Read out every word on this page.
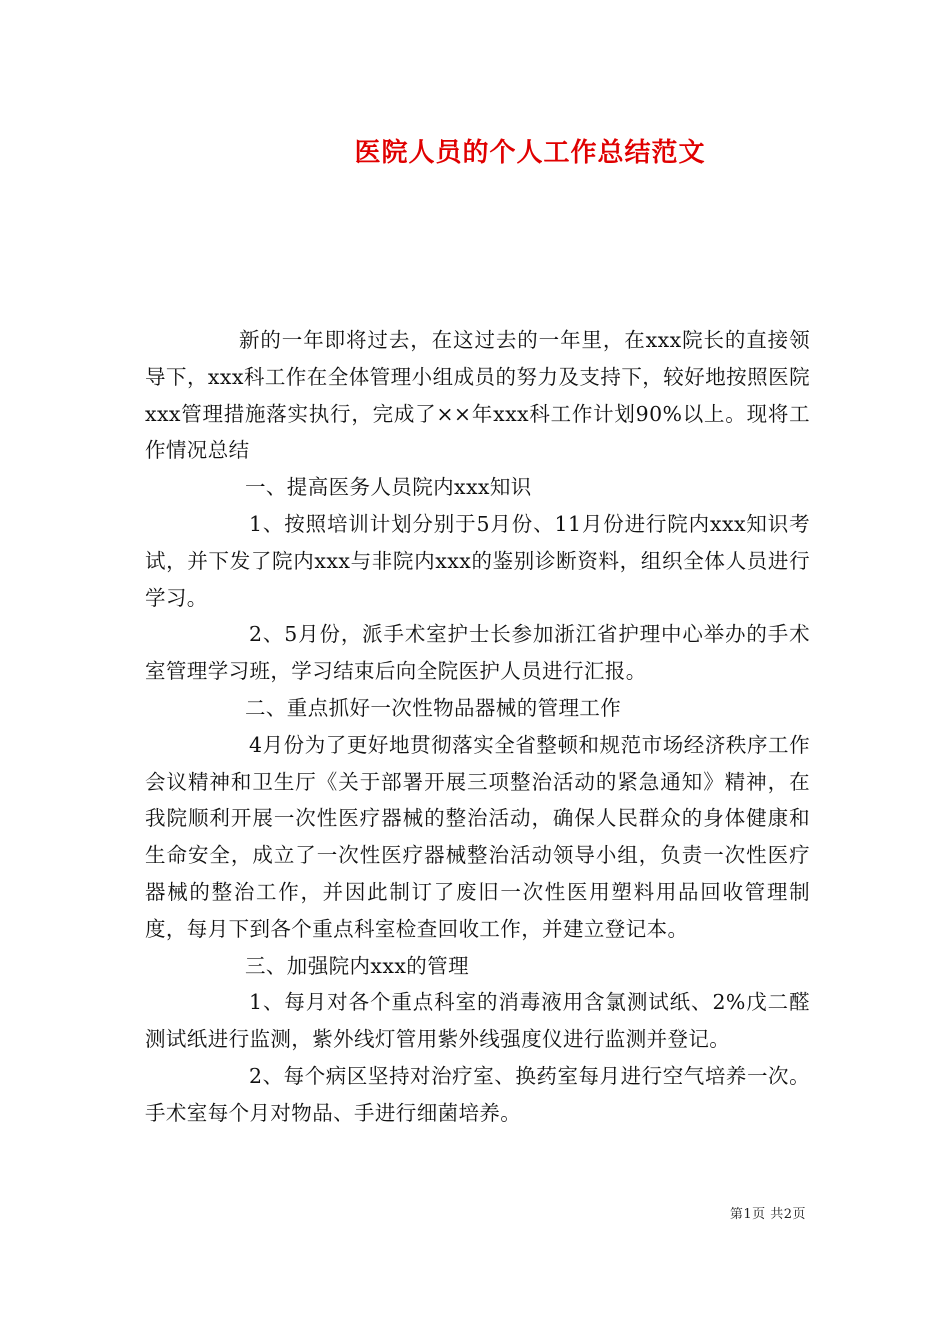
医院人员的个人工作总结范文

新的一年即将过去，在这过去的一年里，在xxx院长的直接领导下，xxx科工作在全体管理小组成员的努力及支持下，较好地按照医院xxx管理措施落实执行，完成了××年xxx科工作计划90%以上。现将工作情况总结

一、提高医务人员院内xxx知识

1、按照培训计划分别于5月份、11月份进行院内xxx知识考试，并下发了院内xxx与非院内xxx的鉴别诊断资料，组织全体人员进行学习。

2、5月份，派手术室护士长参加浙江省护理中心举办的手术室管理学习班，学习结束后向全院医护人员进行汇报。

二、重点抓好一次性物品器械的管理工作

4月份为了更好地贯彻落实全省整顿和规范市场经济秩序工作会议精神和卫生厅《关于部署开展三项整治活动的紧急通知》精神，在我院顺利开展一次性医疗器械的整治活动，确保人民群众的身体健康和生命安全，成立了一次性医疗器械整治活动领导小组，负责一次性医疗器械的整治工作，并因此制订了废旧一次性医用塑料用品回收管理制度，每月下到各个重点科室检查回收工作，并建立登记本。

三、加强院内xxx的管理

1、每月对各个重点科室的消毒液用含氯测试纸、2%戊二醛测试纸进行监测，紫外线灯管用紫外线强度仪进行监测并登记。

2、每个病区坚持对治疗室、换药室每月进行空气培养一次。手术室每个月对物品、手进行细菌培养。

第1页 共2页
